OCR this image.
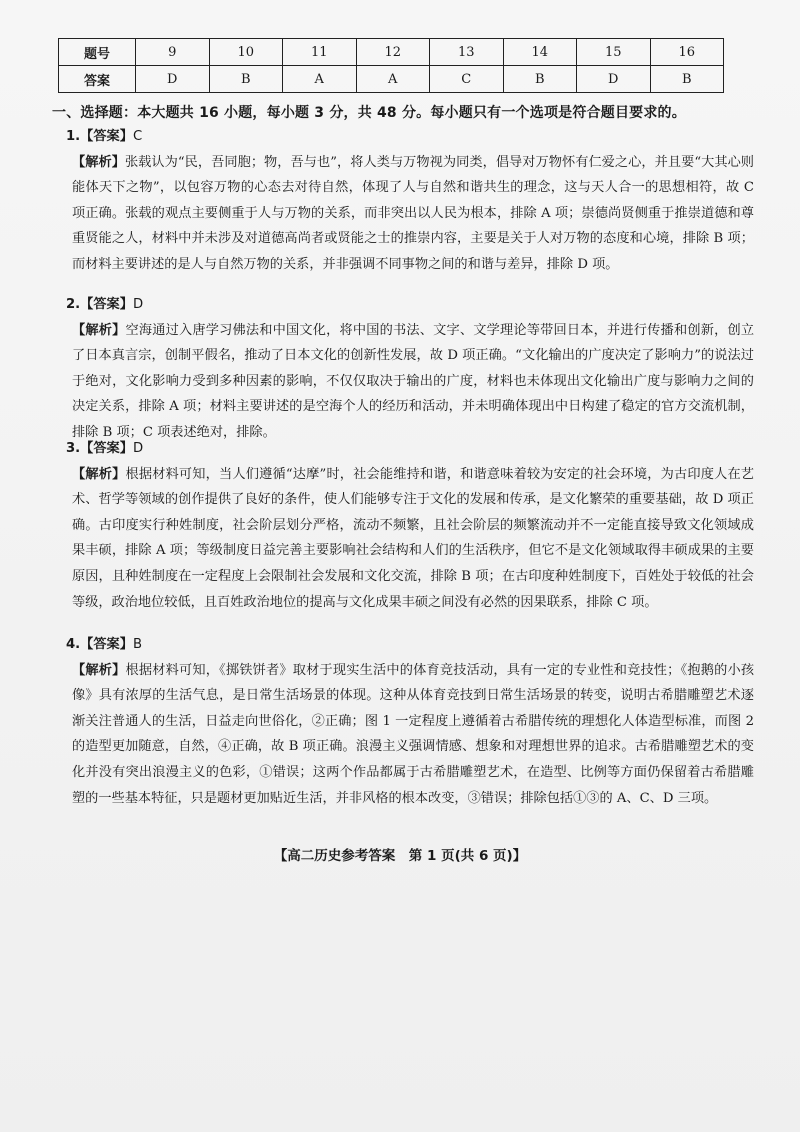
题号	9	10	11	12	13	14	15	16
答案	D	B	A	A	C	B	D	B
一、选择题：本大题共 16 小题，每小题 3 分，共 48 分。每小题只有一个选项是符合题目要求的。
1.【答案】C
【解析】张载认为“民，吾同胞；物，吾与也”，将人类与万物视为同类，倡导对万物怀有仁爱之心，并且要“大其心则能体天下之物”，以包容万物的心态去对待自然，体现了人与自然和谐共生的理念，这与天人合一的思想相符，故 C 项正确。张载的观点主要侧重于人与万物的关系，而非突出以人民为根本，排除 A 项；崇德尚贤侧重于推崇道德和尊重贤能之人，材料中并未涉及对道德高尚者或贤能之士的推崇内容，主要是关于人对万物的态度和心境，排除 B 项；而材料主要讲述的是人与自然万物的关系，并非强调不同事物之间的和谐与差异，排除 D 项。
2.【答案】D
【解析】空海通过入唐学习佛法和中国文化，将中国的书法、文字、文学理论等带回日本，并进行传播和创新，创立了日本真言宗，创制平假名，推动了日本文化的创新性发展，故 D 项正确。“文化输出的广度决定了影响力”的说法过于绝对，文化影响力受到多种因素的影响，不仅仅取决于输出的广度，材料也未体现出文化输出广度与影响力之间的决定关系，排除 A 项；材料主要讲述的是空海个人的经历和活动，并未明确体现出中日构建了稳定的官方交流机制，排除 B 项；C 项表述绝对，排除。
3.【答案】D
【解析】根据材料可知，当人们遵循“达摩”时，社会能维持和谐，和谐意味着较为安定的社会环境，为古印度人在艺术、哲学等领域的创作提供了良好的条件，使人们能够专注于文化的发展和传承，是文化繁荣的重要基础，故 D 项正确。古印度实行种姓制度，社会阶层划分严格，流动不频繁，且社会阶层的频繁流动并不一定能直接导致文化领域成果丰硕，排除 A 项；等级制度日益完善主要影响社会结构和人们的生活秩序，但它不是文化领域取得丰硕成果的主要原因，且种姓制度在一定程度上会限制社会发展和文化交流，排除 B 项；在古印度种姓制度下，百姓处于较低的社会等级，政治地位较低，且百姓政治地位的提高与文化成果丰硕之间没有必然的因果联系，排除 C 项。
4.【答案】B
【解析】根据材料可知，《掷铁饼者》取材于现实生活中的体育竞技活动，具有一定的专业性和竞技性；《抱鹅的小孩像》具有浓厚的生活气息，是日常生活场景的体现。这种从体育竞技到日常生活场景的转变，说明古希腊雕塑艺术逐渐关注普通人的生活，日益走向世俗化，②正确；图 1 一定程度上遵循着古希腊传统的理想化人体造型标准，而图 2 的造型更加随意，自然，④正确，故 B 项正确。浪漫主义强调情感、想象和对理想世界的追求。古希腊雕塑艺术的变化并没有突出浪漫主义的色彩，①错误；这两个作品都属于古希腊雕塑艺术，在造型、比例等方面仍保留着古希腊雕塑的一些基本特征，只是题材更加贴近生活，并非风格的根本改变，③错误；排除包括①③的 A、C、D 三项。
【高二历史参考答案　第 1 页(共 6 页)】
